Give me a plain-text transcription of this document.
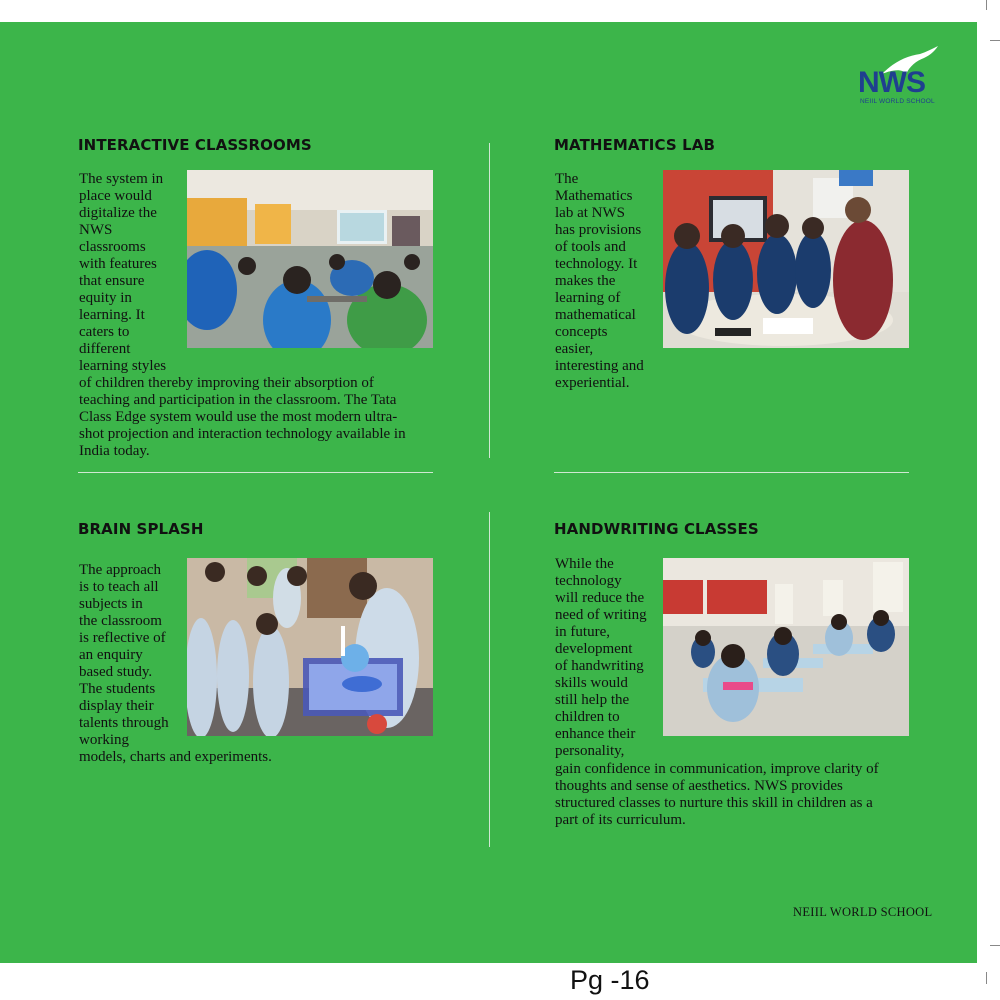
NWS
NEIIL WORLD SCHOOL
INTERACTIVE CLASSROOMS

The system in
place would
digitalize the
NWS
classrooms
with features
that ensure
equity in
learning. It
caters to
different
learning styles

of children thereby improving their absorption of
teaching and participation in the classroom. The Tata
Class Edge system would use the most modern ultra-
shot projection and interaction technology available in
India today.

MATHEMATICS LAB

The
Mathematics
lab at NWS
has provisions
of tools and
technology. It
makes the
learning of
mathematical
concepts
easier,
interesting and
experiential.

BRAIN SPLASH

The approach
is to teach all
subjects in
the classroom
is reflective of
an enquiry
based study.
The students
display their
talents through
working

models, charts and experiments.

HANDWRITING CLASSES

While the
technology
will reduce the
need of writing
in future,
development
of handwriting
skills would
still help the
children to
enhance their
personality,

gain confidence in communication, improve clarity of
thoughts and sense of aesthetics. NWS provides
structured classes to nurture this skill in children as a
part of its curriculum.

NEIIL WORLD SCHOOL
Pg -16
